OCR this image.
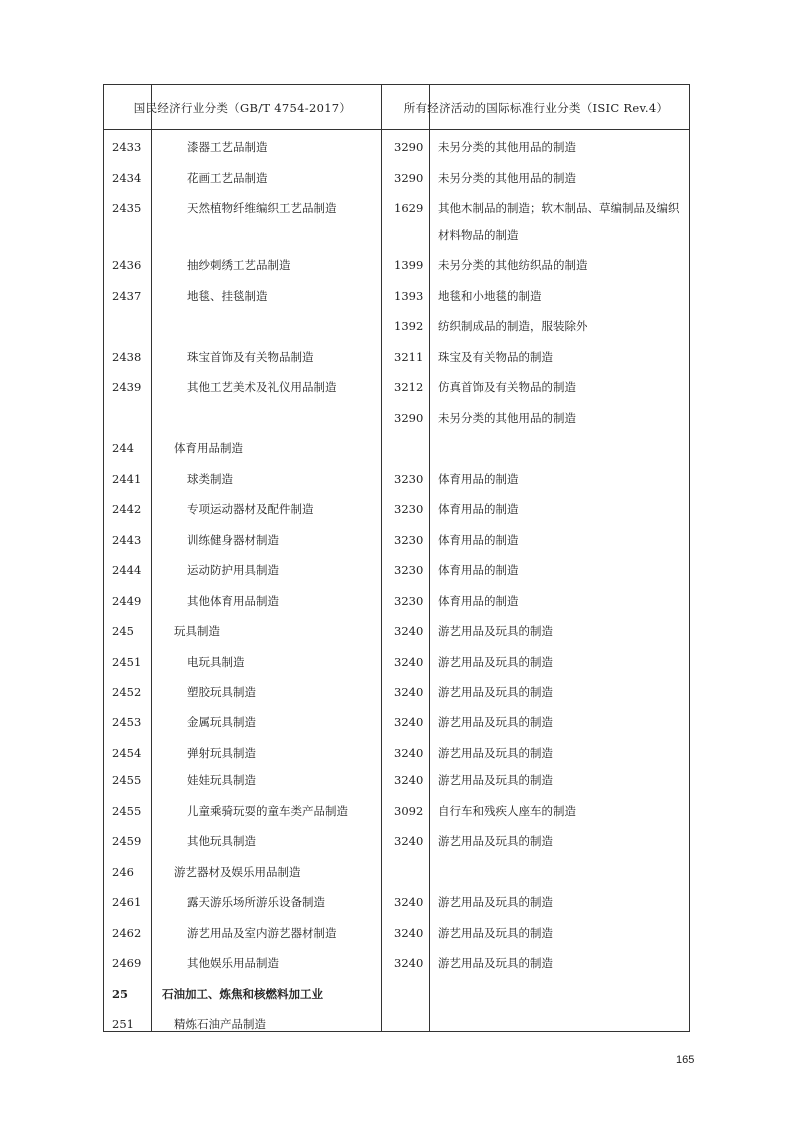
国民经济行业分类（GB/T 4754-2017）	所有经济活动的国际标准行业分类（ISIC Rev.4）
2433	漆器工艺品制造	3290 未另分类的其他用品的制造
2434	花画工艺品制造	3290 未另分类的其他用品的制造
2435	天然植物纤维编织工艺品制造	1629 其他木制品的制造；软木制品、草编制品及编织
材料物品的制造
2436	抽纱刺绣工艺品制造	1399 未另分类的其他纺织品的制造
2437	地毯、挂毯制造	1393 地毯和小地毯的制造
1392 纺织制成品的制造，服装除外
2438	珠宝首饰及有关物品制造	3211 珠宝及有关物品的制造
2439	其他工艺美术及礼仪用品制造	3212 仿真首饰及有关物品的制造
3290 未另分类的其他用品的制造
244	体育用品制造
2441	球类制造	3230 体育用品的制造
2442	专项运动器材及配件制造	3230 体育用品的制造
2443	训练健身器材制造	3230 体育用品的制造
2444	运动防护用具制造	3230 体育用品的制造
2449	其他体育用品制造	3230 体育用品的制造
245	玩具制造	3240 游艺用品及玩具的制造
2451	电玩具制造	3240 游艺用品及玩具的制造
2452	塑胶玩具制造	3240 游艺用品及玩具的制造
2453	金属玩具制造	3240 游艺用品及玩具的制造
2454	弹射玩具制造	3240 游艺用品及玩具的制造
2455	娃娃玩具制造	3240 游艺用品及玩具的制造
2455	儿童乘骑玩耍的童车类产品制造	3092 自行车和残疾人座车的制造
2459	其他玩具制造	3240 游艺用品及玩具的制造
246	游艺器材及娱乐用品制造
2461	露天游乐场所游乐设备制造	3240 游艺用品及玩具的制造
2462	游艺用品及室内游艺器材制造	3240 游艺用品及玩具的制造
2469	其他娱乐用品制造	3240 游艺用品及玩具的制造
25	石油加工、炼焦和核燃料加工业
251	精炼石油产品制造
165
